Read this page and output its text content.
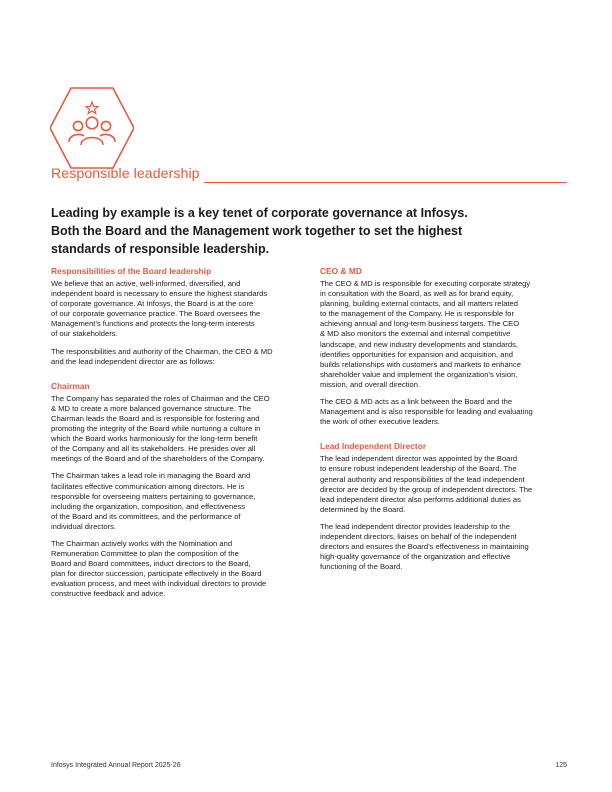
Responsible leadership

Leading by example is a key tenet of corporate governance at Infosys.

Both the Board and the Management work together to set the highest

standards of responsible leadership.

Responsibilities of the Board leadership

We believe that an active, well-informed, diversified, and
independent board is necessary to ensure the highest standards
of corporate governance. At Infosys, the Board is at the core
of our corporate governance practice. The Board oversees the
Management’s functions and protects the long-term interests
of our stakeholders.

The responsibilities and authority of the Chairman, the CEO & MD
and the lead independent director are as follows:

Chairman

The Company has separated the roles of Chairman and the CEO
& MD to create a more balanced governance structure. The
Chairman leads the Board and is responsible for fostering and
promoting the integrity of the Board while nurturing a culture in
which the Board works harmoniously for the long-term benefit
of the Company and all its stakeholders. He presides over all
meetings of the Board and of the shareholders of the Company.

The Chairman takes a lead role in managing the Board and
facilitates effective communication among directors. He is
responsible for overseeing matters pertaining to governance,
including the organization, composition, and effectiveness
of the Board and its committees, and the performance of
individual directors.

The Chairman actively works with the Nomination and
Remuneration Committee to plan the composition of the
Board and Board committees, induct directors to the Board,
plan for director succession, participate effectively in the Board
evaluation process, and meet with individual directors to provide
constructive feedback and advice.

CEO & MD

The CEO & MD is responsible for executing corporate strategy
in consultation with the Board, as well as for brand equity,
planning, building external contacts, and all matters related
to the management of the Company. He is responsible for
achieving annual and long-term business targets. The CEO
& MD also monitors the external and internal competitive
landscape, and new industry developments and standards,
identifies opportunities for expansion and acquisition, and
builds relationships with customers and markets to enhance
shareholder value and implement the organization’s vision,
mission, and overall direction.

The CEO & MD acts as a link between the Board and the
Management and is also responsible for leading and evaluating
the work of other executive leaders.

Lead Independent Director

The lead independent director was appointed by the Board
to ensure robust independent leadership of the Board. The
general authority and responsibilities of the lead independent
director are decided by the group of independent directors. The
lead independent director also performs additional duties as
determined by the Board.

The lead independent director provides leadership to the
independent directors, liaises on behalf of the independent
directors and ensures the Board’s effectiveness in maintaining
high-quality governance of the organization and effective
functioning of the Board.

Infosys Integrated Annual Report 2025-26	125
